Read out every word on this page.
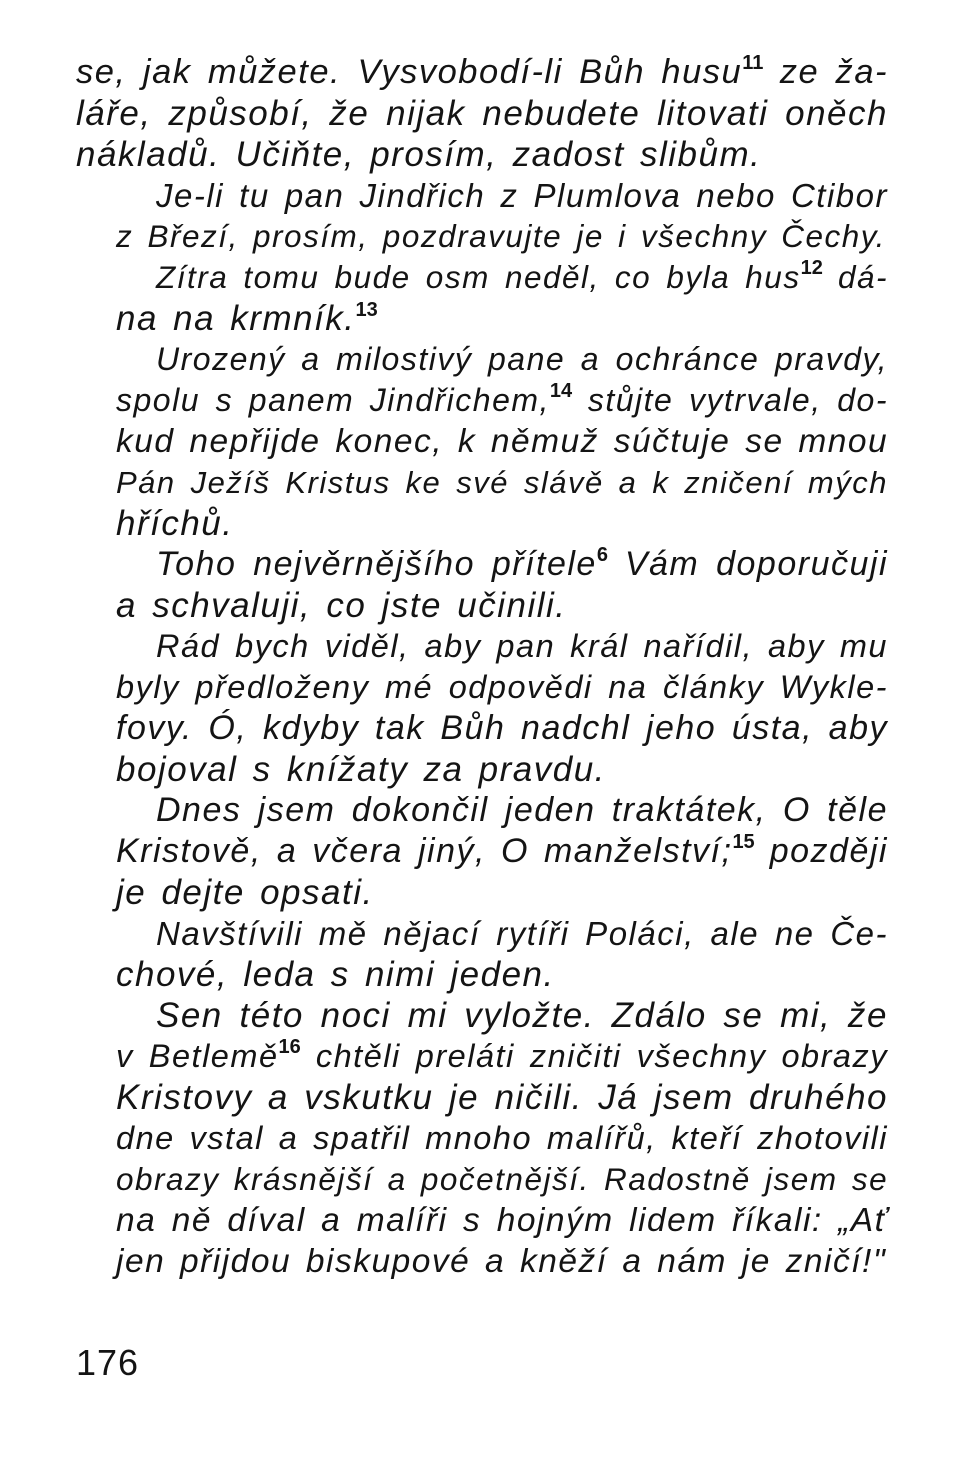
se, jak můžete. Vysvobodí-li Bůh husu$^{11}$ ze ža-
láře, způsobí, že nijak nebudete litovati oněch
nákladů. Učiňte, prosím, zadost slibům.
Je-li tu pan Jindřich z Plumlova nebo Ctibor
z Březí, prosím, pozdravujte je i všechny Čechy.
Zítra tomu bude osm neděl, co byla hus$^{12}$ dá-
na na krmník.$^{13}$
Urozený a milostivý pane a ochránce pravdy,
spolu s panem Jindřichem,$^{14}$ stůjte vytrvale, do-
kud nepřijde konec, k němuž súčtuje se mnou
Pán Ježíš Kristus ke své slávě a k zničení mých
hříchů.
Toho nejvěrnějšího přítele$^6$ Vám doporučuji
a schvaluji, co jste učinili.
Rád bych viděl, aby pan král nařídil, aby mu
byly předloženy mé odpovědi na články Wykle-
fovy. Ó, kdyby tak Bůh nadchl jeho ústa, aby
bojoval s knížaty za pravdu.
Dnes jsem dokončil jeden traktátek, O těle
Kristově, a včera jiný, O manželství;$^{15}$ později
je dejte opsati.
Navštívili mě nějací rytíři Poláci, ale ne Če-
chové, leda s nimi jeden.
Sen této noci mi vyložte. Zdálo se mi, že
v Betlemě$^{16}$ chtěli preláti zničiti všechny obrazy
Kristovy a vskutku je ničili. Já jsem druhého
dne vstal a spatřil mnoho malířů, kteří zhotovili
obrazy krásnější a početnější. Radostně jsem se
na ně díval a malíři s hojným lidem říkali: „Ať
jen přijdou biskupové a kněží a nám je zničí!"
176
